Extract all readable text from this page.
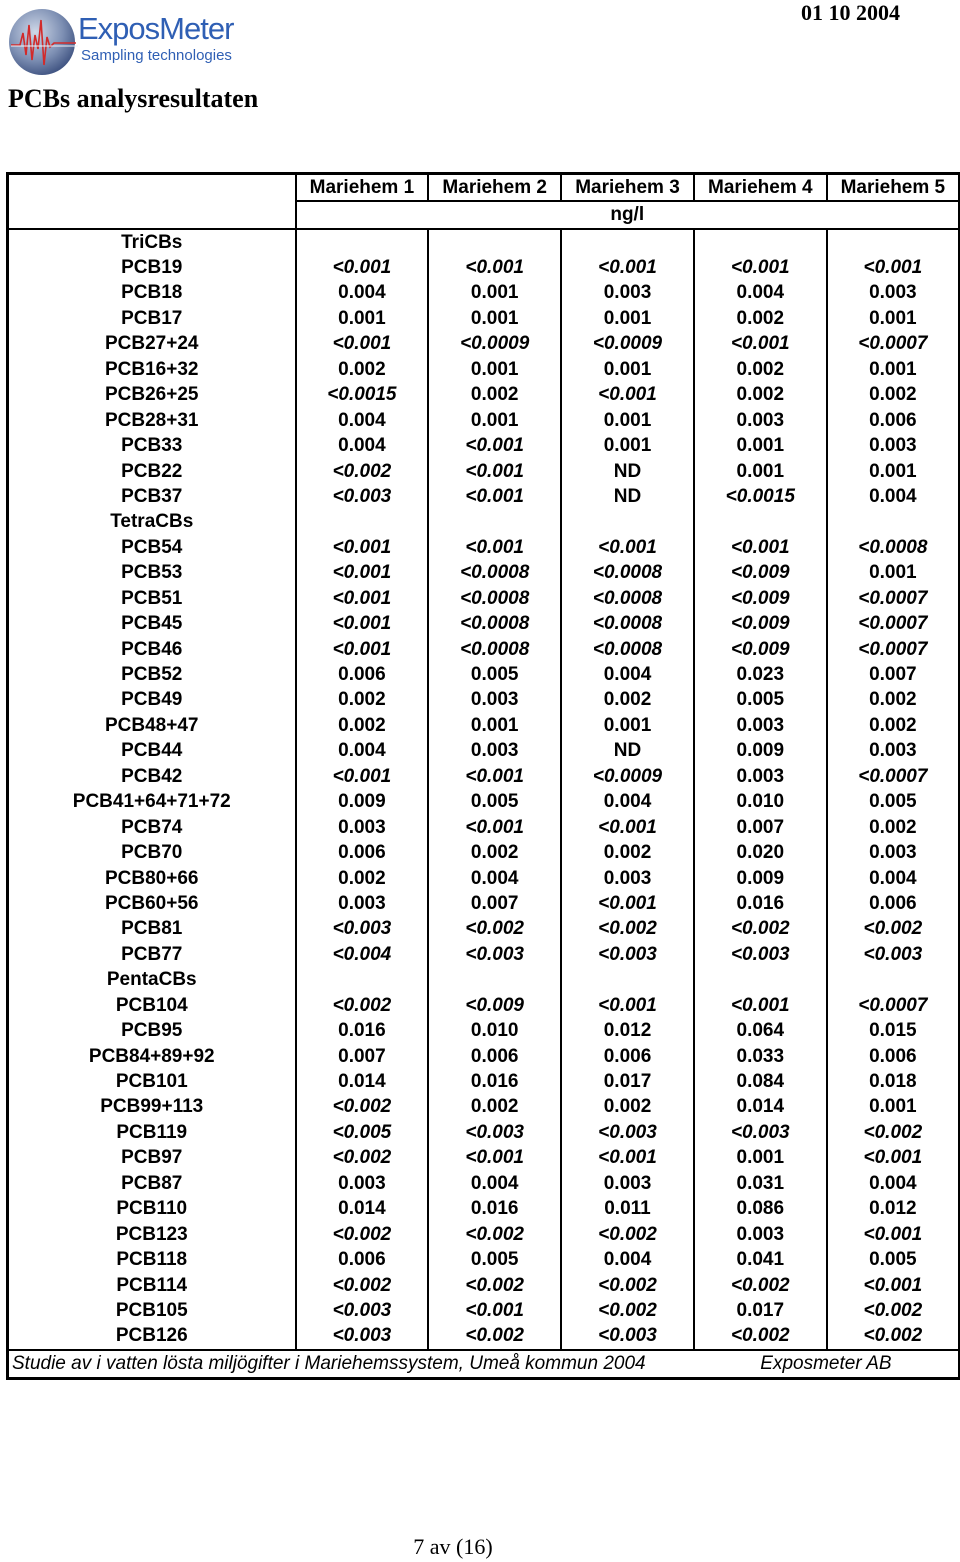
ExposMeter
Sampling technologies
01 10 2004
PCBs analysresultaten
	Mariehem 1	Mariehem 2	Mariehem 3	Mariehem 4	Mariehem 5
	ng/l				
TriCBs					
PCB19	<0.001	<0.001	<0.001	<0.001	<0.001
PCB18	0.004	0.001	0.003	0.004	0.003
PCB17	0.001	0.001	0.001	0.002	0.001
PCB27+24	<0.001	<0.0009	<0.0009	<0.001	<0.0007
PCB16+32	0.002	0.001	0.001	0.002	0.001
PCB26+25	<0.0015	0.002	<0.001	0.002	0.002
PCB28+31	0.004	0.001	0.001	0.003	0.006
PCB33	0.004	<0.001	0.001	0.001	0.003
PCB22	<0.002	<0.001	ND	0.001	0.001
PCB37	<0.003	<0.001	ND	<0.0015	0.004
TetraCBs					
PCB54	<0.001	<0.001	<0.001	<0.001	<0.0008
PCB53	<0.001	<0.0008	<0.0008	<0.009	0.001
PCB51	<0.001	<0.0008	<0.0008	<0.009	<0.0007
PCB45	<0.001	<0.0008	<0.0008	<0.009	<0.0007
PCB46	<0.001	<0.0008	<0.0008	<0.009	<0.0007
PCB52	0.006	0.005	0.004	0.023	0.007
PCB49	0.002	0.003	0.002	0.005	0.002
PCB48+47	0.002	0.001	0.001	0.003	0.002
PCB44	0.004	0.003	ND	0.009	0.003
PCB42	<0.001	<0.001	<0.0009	0.003	<0.0007
PCB41+64+71+72	0.009	0.005	0.004	0.010	0.005
PCB74	0.003	<0.001	<0.001	0.007	0.002
PCB70	0.006	0.002	0.002	0.020	0.003
PCB80+66	0.002	0.004	0.003	0.009	0.004
PCB60+56	0.003	0.007	<0.001	0.016	0.006
PCB81	<0.003	<0.002	<0.002	<0.002	<0.002
PCB77	<0.004	<0.003	<0.003	<0.003	<0.003
PentaCBs					
PCB104	<0.002	<0.009	<0.001	<0.001	<0.0007
PCB95	0.016	0.010	0.012	0.064	0.015
PCB84+89+92	0.007	0.006	0.006	0.033	0.006
PCB101	0.014	0.016	0.017	0.084	0.018
PCB99+113	<0.002	0.002	0.002	0.014	0.001
PCB119	<0.005	<0.003	<0.003	<0.003	<0.002
PCB97	<0.002	<0.001	<0.001	0.001	<0.001
PCB87	0.003	0.004	0.003	0.031	0.004
PCB110	0.014	0.016	0.011	0.086	0.012
PCB123	<0.002	<0.002	<0.002	0.003	<0.001
PCB118	0.006	0.005	0.004	0.041	0.005
PCB114	<0.002	<0.002	<0.002	<0.002	<0.001
PCB105	<0.003	<0.001	<0.002	0.017	<0.002
PCB126	<0.003	<0.002	<0.003	<0.002	<0.002
Studie av i vatten lösta miljögifter i Mariehemssystem, Umeå kommun 2004				Exposmeter AB	
7 av (16)
